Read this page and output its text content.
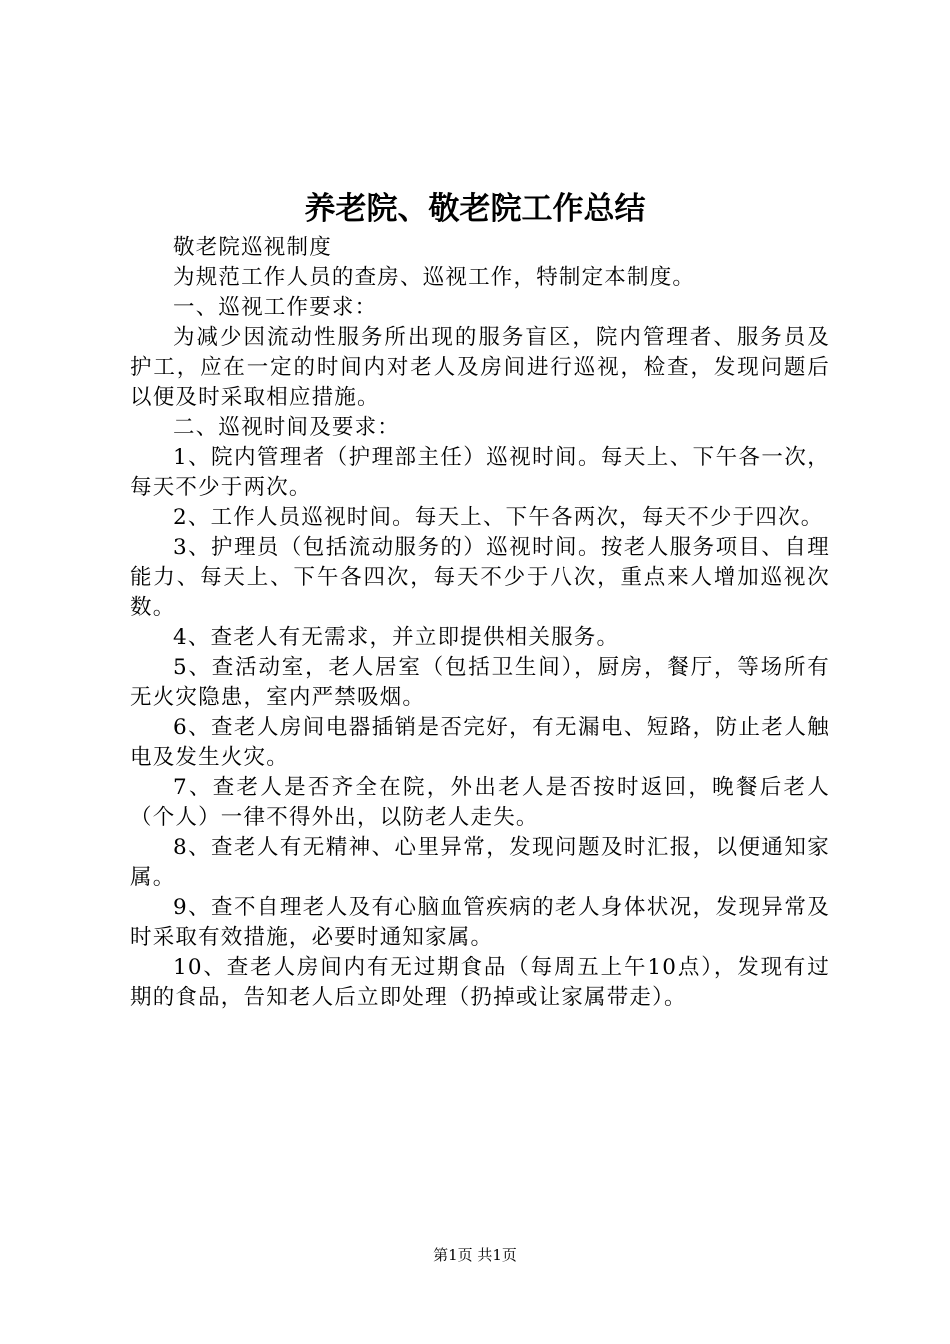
养老院、敬老院工作总结

敬老院巡视制度

为规范工作人员的查房、巡视工作，特制定本制度。

一、巡视工作要求：

为减少因流动性服务所出现的服务盲区，院内管理者、服务员及护工，应在一定的时间内对老人及房间进行巡视，检查，发现问题后以便及时采取相应措施。

二、巡视时间及要求：

1、院内管理者（护理部主任）巡视时间。每天上、下午各一次，每天不少于两次。

2、工作人员巡视时间。每天上、下午各两次，每天不少于四次。

3、护理员（包括流动服务的）巡视时间。按老人服务项目、自理能力、每天上、下午各四次，每天不少于八次，重点来人增加巡视次数。

4、查老人有无需求，并立即提供相关服务。

5、查活动室，老人居室（包括卫生间），厨房，餐厅，等场所有无火灾隐患，室内严禁吸烟。

6、查老人房间电器插销是否完好，有无漏电、短路，防止老人触电及发生火灾。

7、查老人是否齐全在院，外出老人是否按时返回，晚餐后老人（个人）一律不得外出，以防老人走失。

8、查老人有无精神、心里异常，发现问题及时汇报，以便通知家属。

9、查不自理老人及有心脑血管疾病的老人身体状况，发现异常及时采取有效措施，必要时通知家属。

10、查老人房间内有无过期食品（每周五上午10点），发现有过期的食品，告知老人后立即处理（扔掉或让家属带走）。

第1页 共1页
